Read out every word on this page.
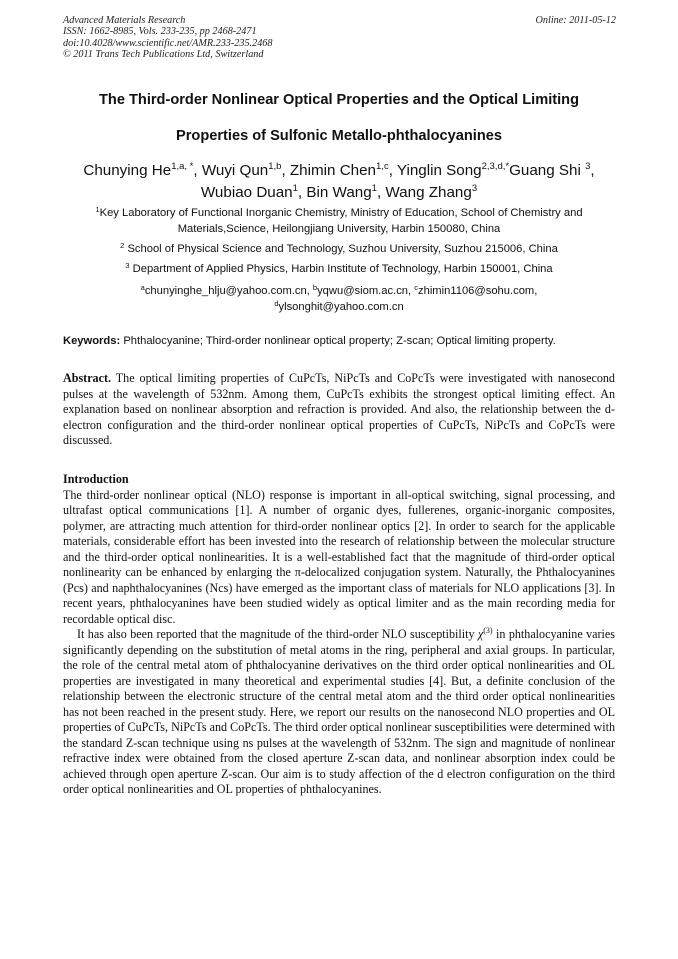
Advanced Materials Research
ISSN: 1662-8985, Vols. 233-235, pp 2468-2471
doi:10.4028/www.scientific.net/AMR.233-235.2468
© 2011 Trans Tech Publications Ltd, Switzerland
Online: 2011-05-12
The Third-order Nonlinear Optical Properties and the Optical Limiting
Properties of Sulfonic Metallo-phthalocyanines
Chunying $He^{1,a, *}$, Wuyi Qun$^{1,b}$, Zhimin Chen$^{1,c}$, Yinglin Song$^{2,3,d,*}$Guang Shi $^3$,
Wubiao Duan$^1$, Bin Wang$^1$, Wang Zhang$^3$
$^1$Key Laboratory of Functional Inorganic Chemistry, Ministry of Education, School of Chemistry and Materials,Science, Heilongjiang University, Harbin 150080, China
$^2$ School of Physical Science and Technology, Suzhou University, Suzhou 215006, China
$^3$ Department of Applied Physics, Harbin Institute of Technology, Harbin 150001, China
$^a$chunyinghe_hlju@yahoo.com.cn, $^b$yqwu@siom.ac.cn, $^c$zhimin1106@sohu.com,
$^d$ylsonghit@yahoo.com.cn
Keywords: Phthalocyanine; Third-order nonlinear optical property; Z-scan; Optical limiting property.

Abstract. The optical limiting properties of CuPcTs, NiPcTs and CoPcTs were investigated with nanosecond pulses at the wavelength of 532nm. Among them, CuPcTs exhibits the strongest optical limiting effect. An explanation based on nonlinear absorption and refraction is provided. And also, the relationship between the d-electron configuration and the third-order nonlinear optical properties of CuPcTs, NiPcTs and CoPcTs were discussed.

Introduction

The third-order nonlinear optical (NLO) response is important in all-optical switching, signal processing, and ultrafast optical communications [1]. A number of organic dyes, fullerenes, organic-inorganic composites, polymer, are attracting much attention for third-order nonlinear optics [2]. In order to search for the applicable materials, considerable effort has been invested into the research of relationship between the molecular structure and the third-order optical nonlinearities. It is a well-established fact that the magnitude of third-order optical nonlinearity can be enhanced by enlarging the π-delocalized conjugation system. Naturally, the Phthalocyanines (Pcs) and naphthalocyanines (Ncs) have emerged as the important class of materials for NLO applications [3]. In recent years, phthalocyanines have been studied widely as optical limiter and as the main recording media for recordable optical disc.

It has also been reported that the magnitude of the third-order NLO susceptibility $\chi^{(3)}$ in phthalocyanine varies significantly depending on the substitution of metal atoms in the ring, peripheral and axial groups. In particular, the role of the central metal atom of phthalocyanine derivatives on the third order optical nonlinearities and OL properties are investigated in many theoretical and experimental studies [4]. But, a definite conclusion of the relationship between the electronic structure of the central metal atom and the third order optical nonlinearities has not been reached in the present study. Here, we report our results on the nanosecond NLO properties and OL properties of CuPcTs, NiPcTs and CoPcTs. The third order optical nonlinear susceptibilities were determined with the standard Z-scan technique using ns pulses at the wavelength of 532nm. The sign and magnitude of nonlinear refractive index were obtained from the closed aperture Z-scan data, and nonlinear absorption index could be achieved through open aperture Z-scan. Our aim is to study affection of the d electron configuration on the third order optical nonlinearities and OL properties of phthalocyanines.
